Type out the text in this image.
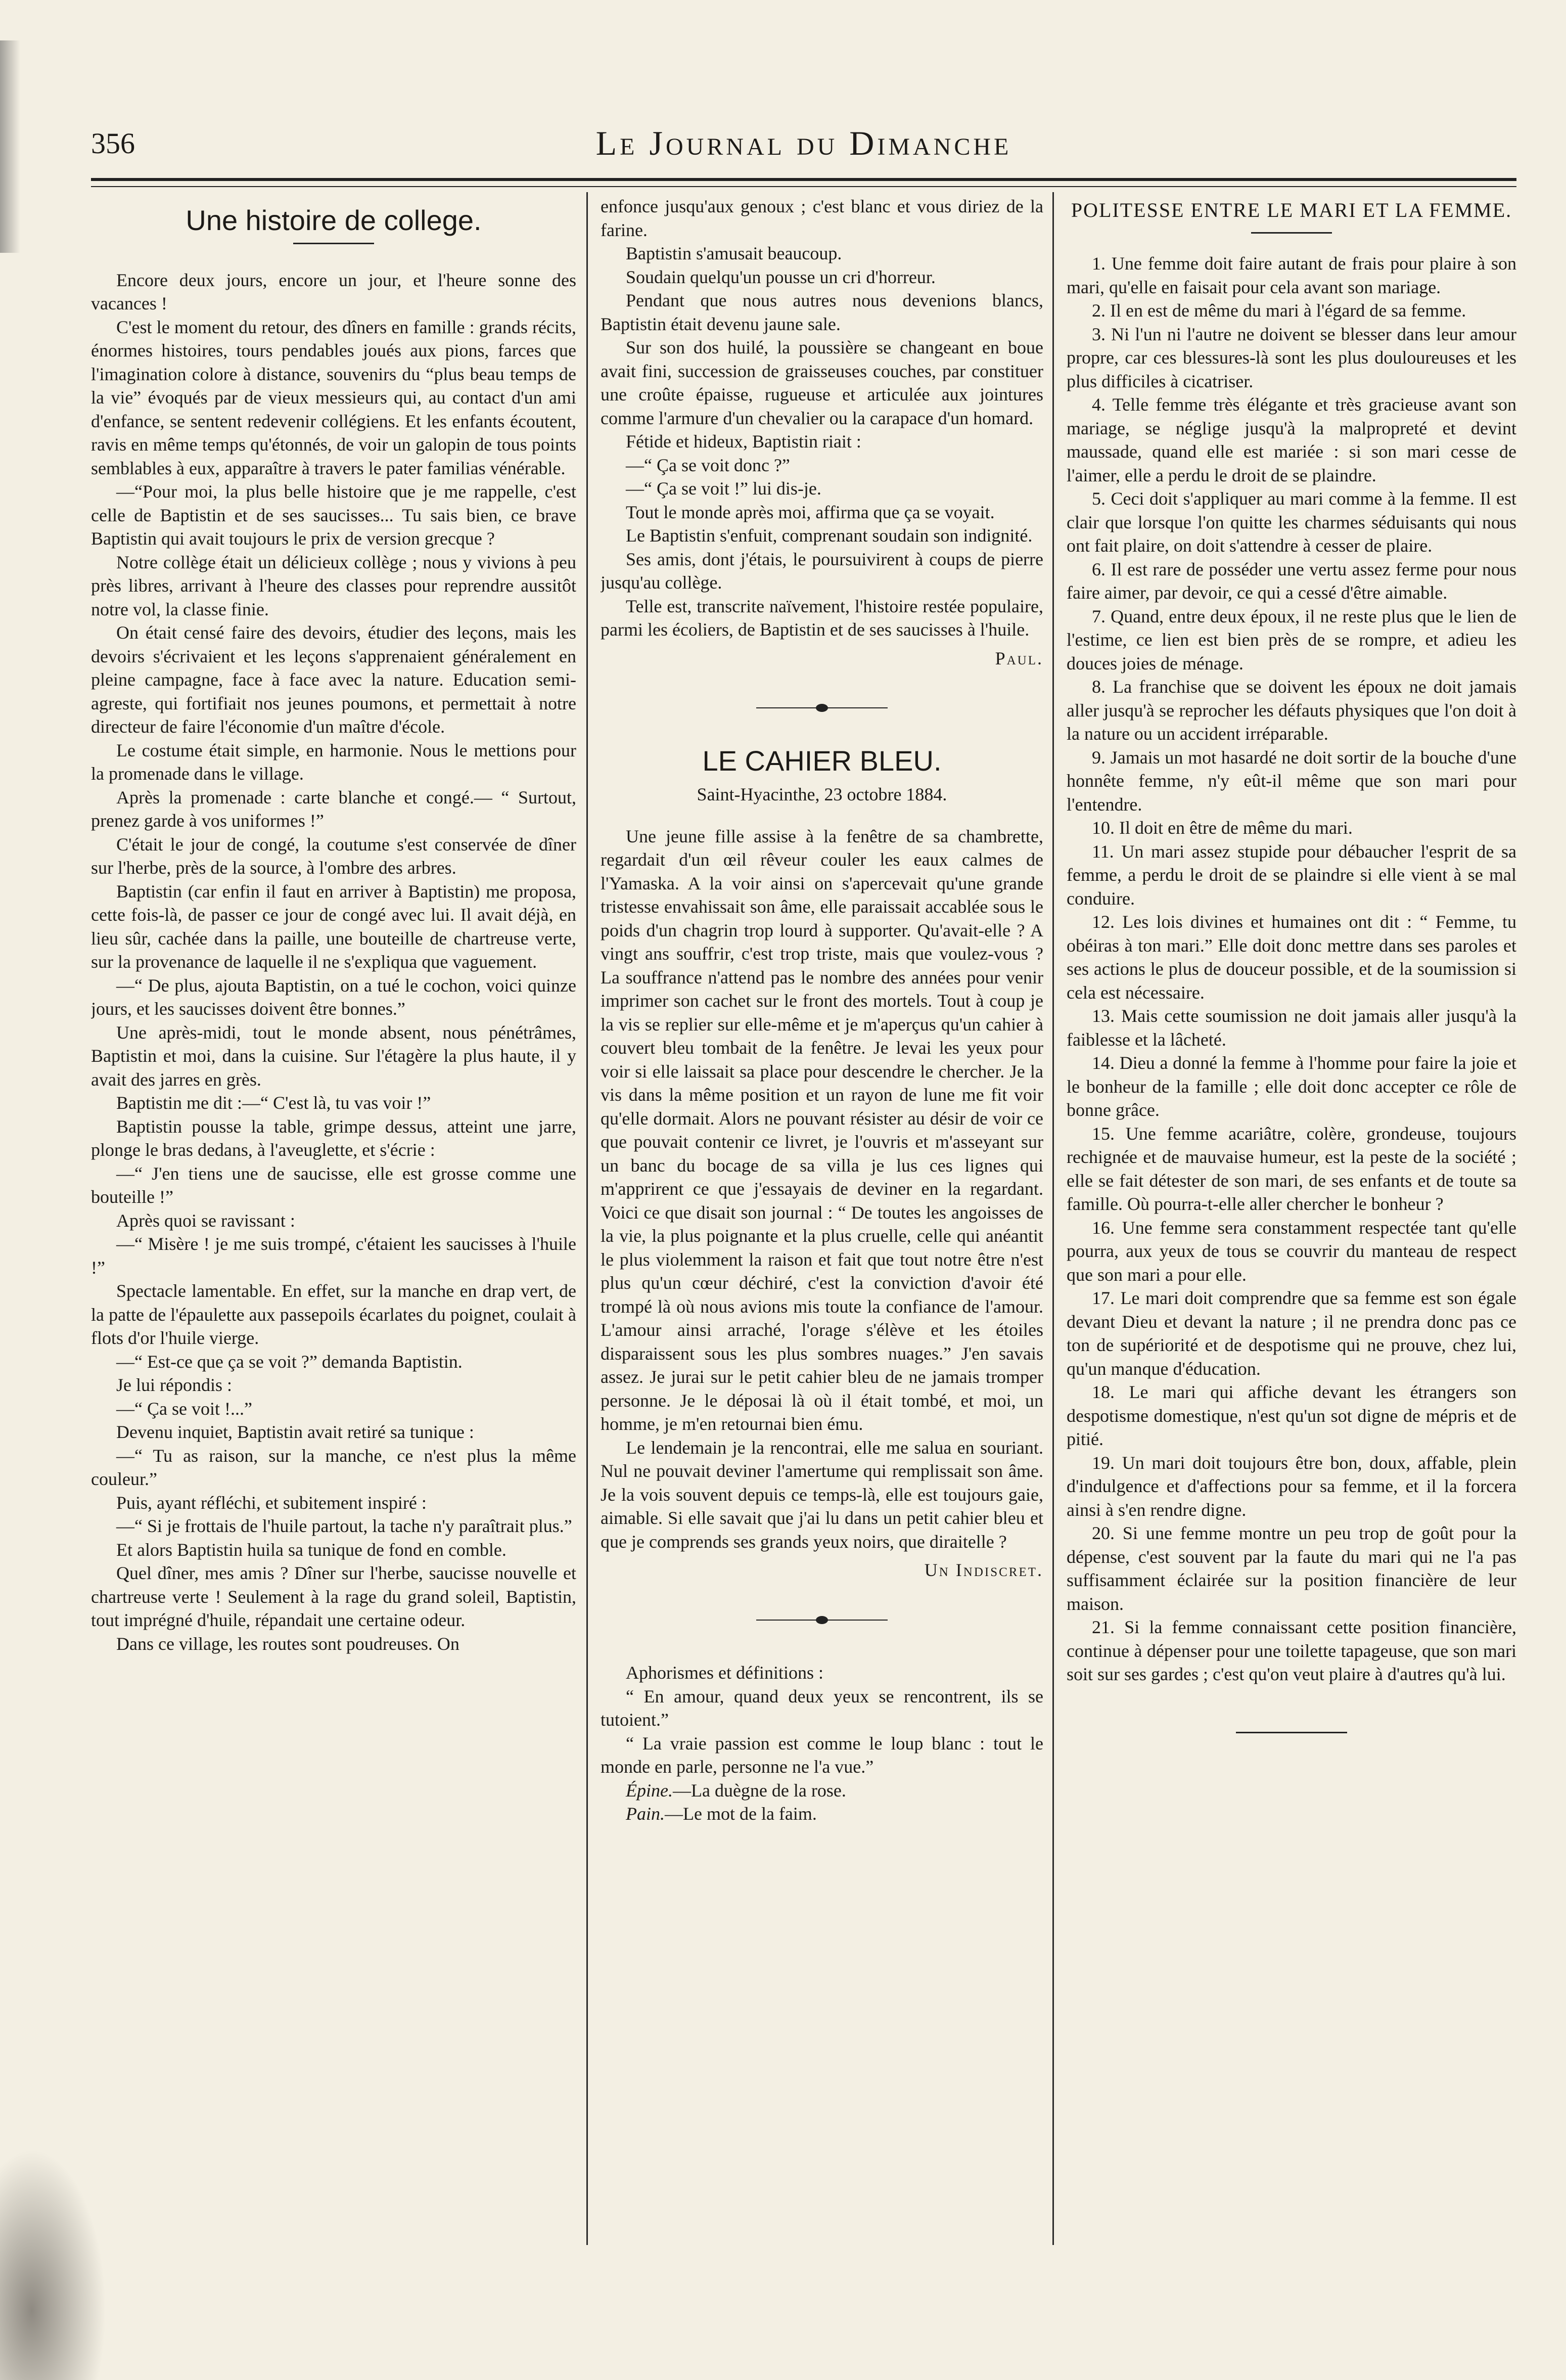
356	Le Journal du Dimanche
Une histoire de college.

Encore deux jours, encore un jour, et l'heure sonne des vacances !

C'est le moment du retour, des dîners en famille : grands récits, énormes histoires, tours pendables joués aux pions, farces que l'imagination colore à distance, souvenirs du “plus beau temps de la vie” évoqués par de vieux messieurs qui, au contact d'un ami d'enfance, se sentent redevenir collégiens. Et les enfants écoutent, ravis en même temps qu'étonnés, de voir un galopin de tous points semblables à eux, apparaître à travers le pater familias vénérable.

—“Pour moi, la plus belle histoire que je me rappelle, c'est celle de Baptistin et de ses saucisses... Tu sais bien, ce brave Baptistin qui avait toujours le prix de version grecque ?

Notre collège était un délicieux collège ; nous y vivions à peu près libres, arrivant à l'heure des classes pour reprendre aussitôt notre vol, la classe finie.

On était censé faire des devoirs, étudier des leçons, mais les devoirs s'écrivaient et les leçons s'apprenaient généralement en pleine campagne, face à face avec la nature. Education semi-agreste, qui fortifiait nos jeunes poumons, et permettait à notre directeur de faire l'économie d'un maître d'école.

Le costume était simple, en harmonie. Nous le mettions pour la promenade dans le village.

Après la promenade : carte blanche et congé.— “ Surtout, prenez garde à vos uniformes !”

C'était le jour de congé, la coutume s'est conservée de dîner sur l'herbe, près de la source, à l'ombre des arbres.

Baptistin (car enfin il faut en arriver à Baptistin) me proposa, cette fois-là, de passer ce jour de congé avec lui. Il avait déjà, en lieu sûr, cachée dans la paille, une bouteille de chartreuse verte, sur la provenance de laquelle il ne s'expliqua que vaguement.

—“ De plus, ajouta Baptistin, on a tué le cochon, voici quinze jours, et les saucisses doivent être bonnes.”

Une après-midi, tout le monde absent, nous pénétrâmes, Baptistin et moi, dans la cuisine. Sur l'étagère la plus haute, il y avait des jarres en grès.

Baptistin me dit :—“ C'est là, tu vas voir !”

Baptistin pousse la table, grimpe dessus, atteint une jarre, plonge le bras dedans, à l'aveuglette, et s'écrie :

—“ J'en tiens une de saucisse, elle est grosse comme une bouteille !”

Après quoi se ravissant :

—“ Misère ! je me suis trompé, c'étaient les saucisses à l'huile !”

Spectacle lamentable. En effet, sur la manche en drap vert, de la patte de l'épaulette aux passepoils écarlates du poignet, coulait à flots d'or l'huile vierge.

—“ Est-ce que ça se voit ?” demanda Baptistin.

Je lui répondis :

—“ Ça se voit !...”

Devenu inquiet, Baptistin avait retiré sa tunique :

—“ Tu as raison, sur la manche, ce n'est plus la même couleur.”

Puis, ayant réfléchi, et subitement inspiré :

—“ Si je frottais de l'huile partout, la tache n'y paraîtrait plus.”

Et alors Baptistin huila sa tunique de fond en comble.

Quel dîner, mes amis ? Dîner sur l'herbe, saucisse nouvelle et chartreuse verte ! Seulement à la rage du grand soleil, Baptistin, tout imprégné d'huile, répandait une certaine odeur.

Dans ce village, les routes sont poudreuses. On

enfonce jusqu'aux genoux ; c'est blanc et vous diriez de la farine.

Baptistin s'amusait beaucoup.

Soudain quelqu'un pousse un cri d'horreur.

Pendant que nous autres nous devenions blancs, Baptistin était devenu jaune sale.

Sur son dos huilé, la poussière se changeant en boue avait fini, succession de graisseuses couches, par constituer une croûte épaisse, rugueuse et articulée aux jointures comme l'armure d'un chevalier ou la carapace d'un homard.

Fétide et hideux, Baptistin riait :

—“ Ça se voit donc ?”

—“ Ça se voit !” lui dis-je.

Tout le monde après moi, affirma que ça se voyait.

Le Baptistin s'enfuit, comprenant soudain son indignité.

Ses amis, dont j'étais, le poursuivirent à coups de pierre jusqu'au collège.

Telle est, transcrite naïvement, l'histoire restée populaire, parmi les écoliers, de Baptistin et de ses saucisses à l'huile.

Paul.
LE CAHIER BLEU.
Saint-Hyacinthe, 23 octobre 1884.

Une jeune fille assise à la fenêtre de sa chambrette, regardait d'un œil rêveur couler les eaux calmes de l'Yamaska. A la voir ainsi on s'apercevait qu'une grande tristesse envahissait son âme, elle paraissait accablée sous le poids d'un chagrin trop lourd à supporter. Qu'avait-elle ? A vingt ans souffrir, c'est trop triste, mais que voulez-vous ? La souffrance n'attend pas le nombre des années pour venir imprimer son cachet sur le front des mortels. Tout à coup je la vis se replier sur elle-même et je m'aperçus qu'un cahier à couvert bleu tombait de la fenêtre. Je levai les yeux pour voir si elle laissait sa place pour descendre le chercher. Je la vis dans la même position et un rayon de lune me fit voir qu'elle dormait. Alors ne pouvant résister au désir de voir ce que pouvait contenir ce livret, je l'ouvris et m'asseyant sur un banc du bocage de sa villa je lus ces lignes qui m'apprirent ce que j'essayais de deviner en la regardant. Voici ce que disait son journal : “ De toutes les angoisses de la vie, la plus poignante et la plus cruelle, celle qui anéantit le plus violemment la raison et fait que tout notre être n'est plus qu'un cœur déchiré, c'est la conviction d'avoir été trompé là où nous avions mis toute la confiance de l'amour. L'amour ainsi arraché, l'orage s'élève et les étoiles disparaissent sous les plus sombres nuages.” J'en savais assez. Je jurai sur le petit cahier bleu de ne jamais tromper personne. Je le déposai là où il était tombé, et moi, un homme, je m'en retournai bien ému.

Le lendemain je la rencontrai, elle me salua en souriant. Nul ne pouvait deviner l'amertume qui remplissait son âme. Je la vois souvent depuis ce temps-là, elle est toujours gaie, aimable. Si elle savait que j'ai lu dans un petit cahier bleu et que je comprends ses grands yeux noirs, que diraitelle ?

Un Indiscret.

Aphorismes et définitions :

“ En amour, quand deux yeux se rencontrent, ils se tutoient.”

“ La vraie passion est comme le loup blanc : tout le monde en parle, personne ne l'a vue.”

Épine.—La duègne de la rose.

Pain.—Le mot de la faim.

POLITESSE ENTRE LE MARI ET LA FEMME.

1. Une femme doit faire autant de frais pour plaire à son mari, qu'elle en faisait pour cela avant son mariage.

2. Il en est de même du mari à l'égard de sa femme.

3. Ni l'un ni l'autre ne doivent se blesser dans leur amour propre, car ces blessures-là sont les plus douloureuses et les plus difficiles à cicatriser.

4. Telle femme très élégante et très gracieuse avant son mariage, se néglige jusqu'à la malpropreté et devint maussade, quand elle est mariée : si son mari cesse de l'aimer, elle a perdu le droit de se plaindre.

5. Ceci doit s'appliquer au mari comme à la femme. Il est clair que lorsque l'on quitte les charmes séduisants qui nous ont fait plaire, on doit s'attendre à cesser de plaire.

6. Il est rare de posséder une vertu assez ferme pour nous faire aimer, par devoir, ce qui a cessé d'être aimable.

7. Quand, entre deux époux, il ne reste plus que le lien de l'estime, ce lien est bien près de se rompre, et adieu les douces joies de ménage.

8. La franchise que se doivent les époux ne doit jamais aller jusqu'à se reprocher les défauts physiques que l'on doit à la nature ou un accident irréparable.

9. Jamais un mot hasardé ne doit sortir de la bouche d'une honnête femme, n'y eût-il même que son mari pour l'entendre.

10. Il doit en être de même du mari.

11. Un mari assez stupide pour débaucher l'esprit de sa femme, a perdu le droit de se plaindre si elle vient à se mal conduire.

12. Les lois divines et humaines ont dit : “ Femme, tu obéiras à ton mari.” Elle doit donc mettre dans ses paroles et ses actions le plus de douceur possible, et de la soumission si cela est nécessaire.

13. Mais cette soumission ne doit jamais aller jusqu'à la faiblesse et la lâcheté.

14. Dieu a donné la femme à l'homme pour faire la joie et le bonheur de la famille ; elle doit donc accepter ce rôle de bonne grâce.

15. Une femme acariâtre, colère, grondeuse, toujours rechignée et de mauvaise humeur, est la peste de la société ; elle se fait détester de son mari, de ses enfants et de toute sa famille. Où pourra-t-elle aller chercher le bonheur ?

16. Une femme sera constamment respectée tant qu'elle pourra, aux yeux de tous se couvrir du manteau de respect que son mari a pour elle.

17. Le mari doit comprendre que sa femme est son égale devant Dieu et devant la nature ; il ne prendra donc pas ce ton de supériorité et de despotisme qui ne prouve, chez lui, qu'un manque d'éducation.

18. Le mari qui affiche devant les étrangers son despotisme domestique, n'est qu'un sot digne de mépris et de pitié.

19. Un mari doit toujours être bon, doux, affable, plein d'indulgence et d'affections pour sa femme, et il la forcera ainsi à s'en rendre digne.

20. Si une femme montre un peu trop de goût pour la dépense, c'est souvent par la faute du mari qui ne l'a pas suffisamment éclairée sur la position financière de leur maison.

21. Si la femme connaissant cette position financière, continue à dépenser pour une toilette tapageuse, que son mari soit sur ses gardes ; c'est qu'on veut plaire à d'autres qu'à lui.
